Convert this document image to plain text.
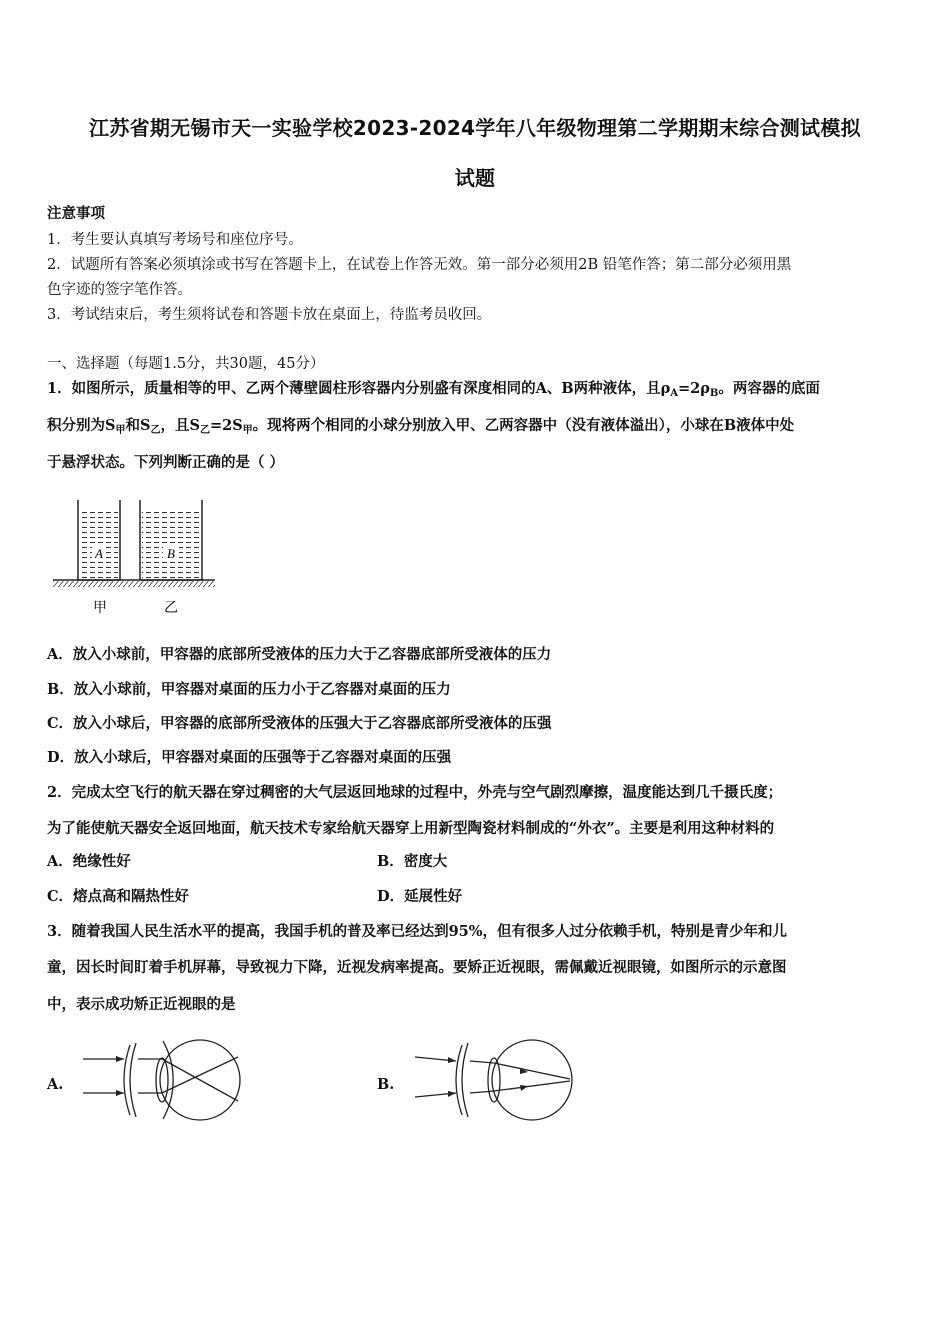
江苏省期无锡市天一实验学校2023-2024学年八年级物理第二学期期末综合测试模拟
试题
注意事项
1．考生要认真填写考场号和座位序号。
2．试题所有答案必须填涂或书写在答题卡上，在试卷上作答无效。第一部分必须用2B 铅笔作答；第二部分必须用黑
色字迹的签字笔作答。
3．考试结束后，考生须将试卷和答题卡放在桌面上，待监考员收回。
一、选择题（每题1.5分，共30题，45分）
1．如图所示，质量相等的甲、乙两个薄壁圆柱形容器内分别盛有深度相同的A、B两种液体，且$\rho_A=2\rho_B$。两容器的底面
积分别为$S_甲$和$S_乙$，且$S_乙=2S_甲$。现将两个相同的小球分别放入甲、乙两容器中（没有液体溢出），小球在B液体中处
于悬浮状态。下列判断正确的是（ ）
A	B
甲	乙
A．放入小球前，甲容器的底部所受液体的压力大于乙容器底部所受液体的压力
B．放入小球前，甲容器对桌面的压力小于乙容器对桌面的压力
C．放入小球后，甲容器的底部所受液体的压强大于乙容器底部所受液体的压强
D．放入小球后，甲容器对桌面的压强等于乙容器对桌面的压强
2．完成太空飞行的航天器在穿过稠密的大气层返回地球的过程中，外壳与空气剧烈摩擦，温度能达到几千摄氏度；
为了能使航天器安全返回地面，航天技术专家给航天器穿上用新型陶瓷材料制成的“外衣”。主要是利用这种材料的
A．绝缘性好	B．密度大
C．熔点高和隔热性好	D．延展性好
3．随着我国人民生活水平的提高，我国手机的普及率已经达到95%，但有很多人过分依赖手机，特别是青少年和儿
童，因长时间盯着手机屏幕，导致视力下降，近视发病率提高。要矫正近视眼，需佩戴近视眼镜，如图所示的示意图
中，表示成功矫正近视眼的是
A.	B.
